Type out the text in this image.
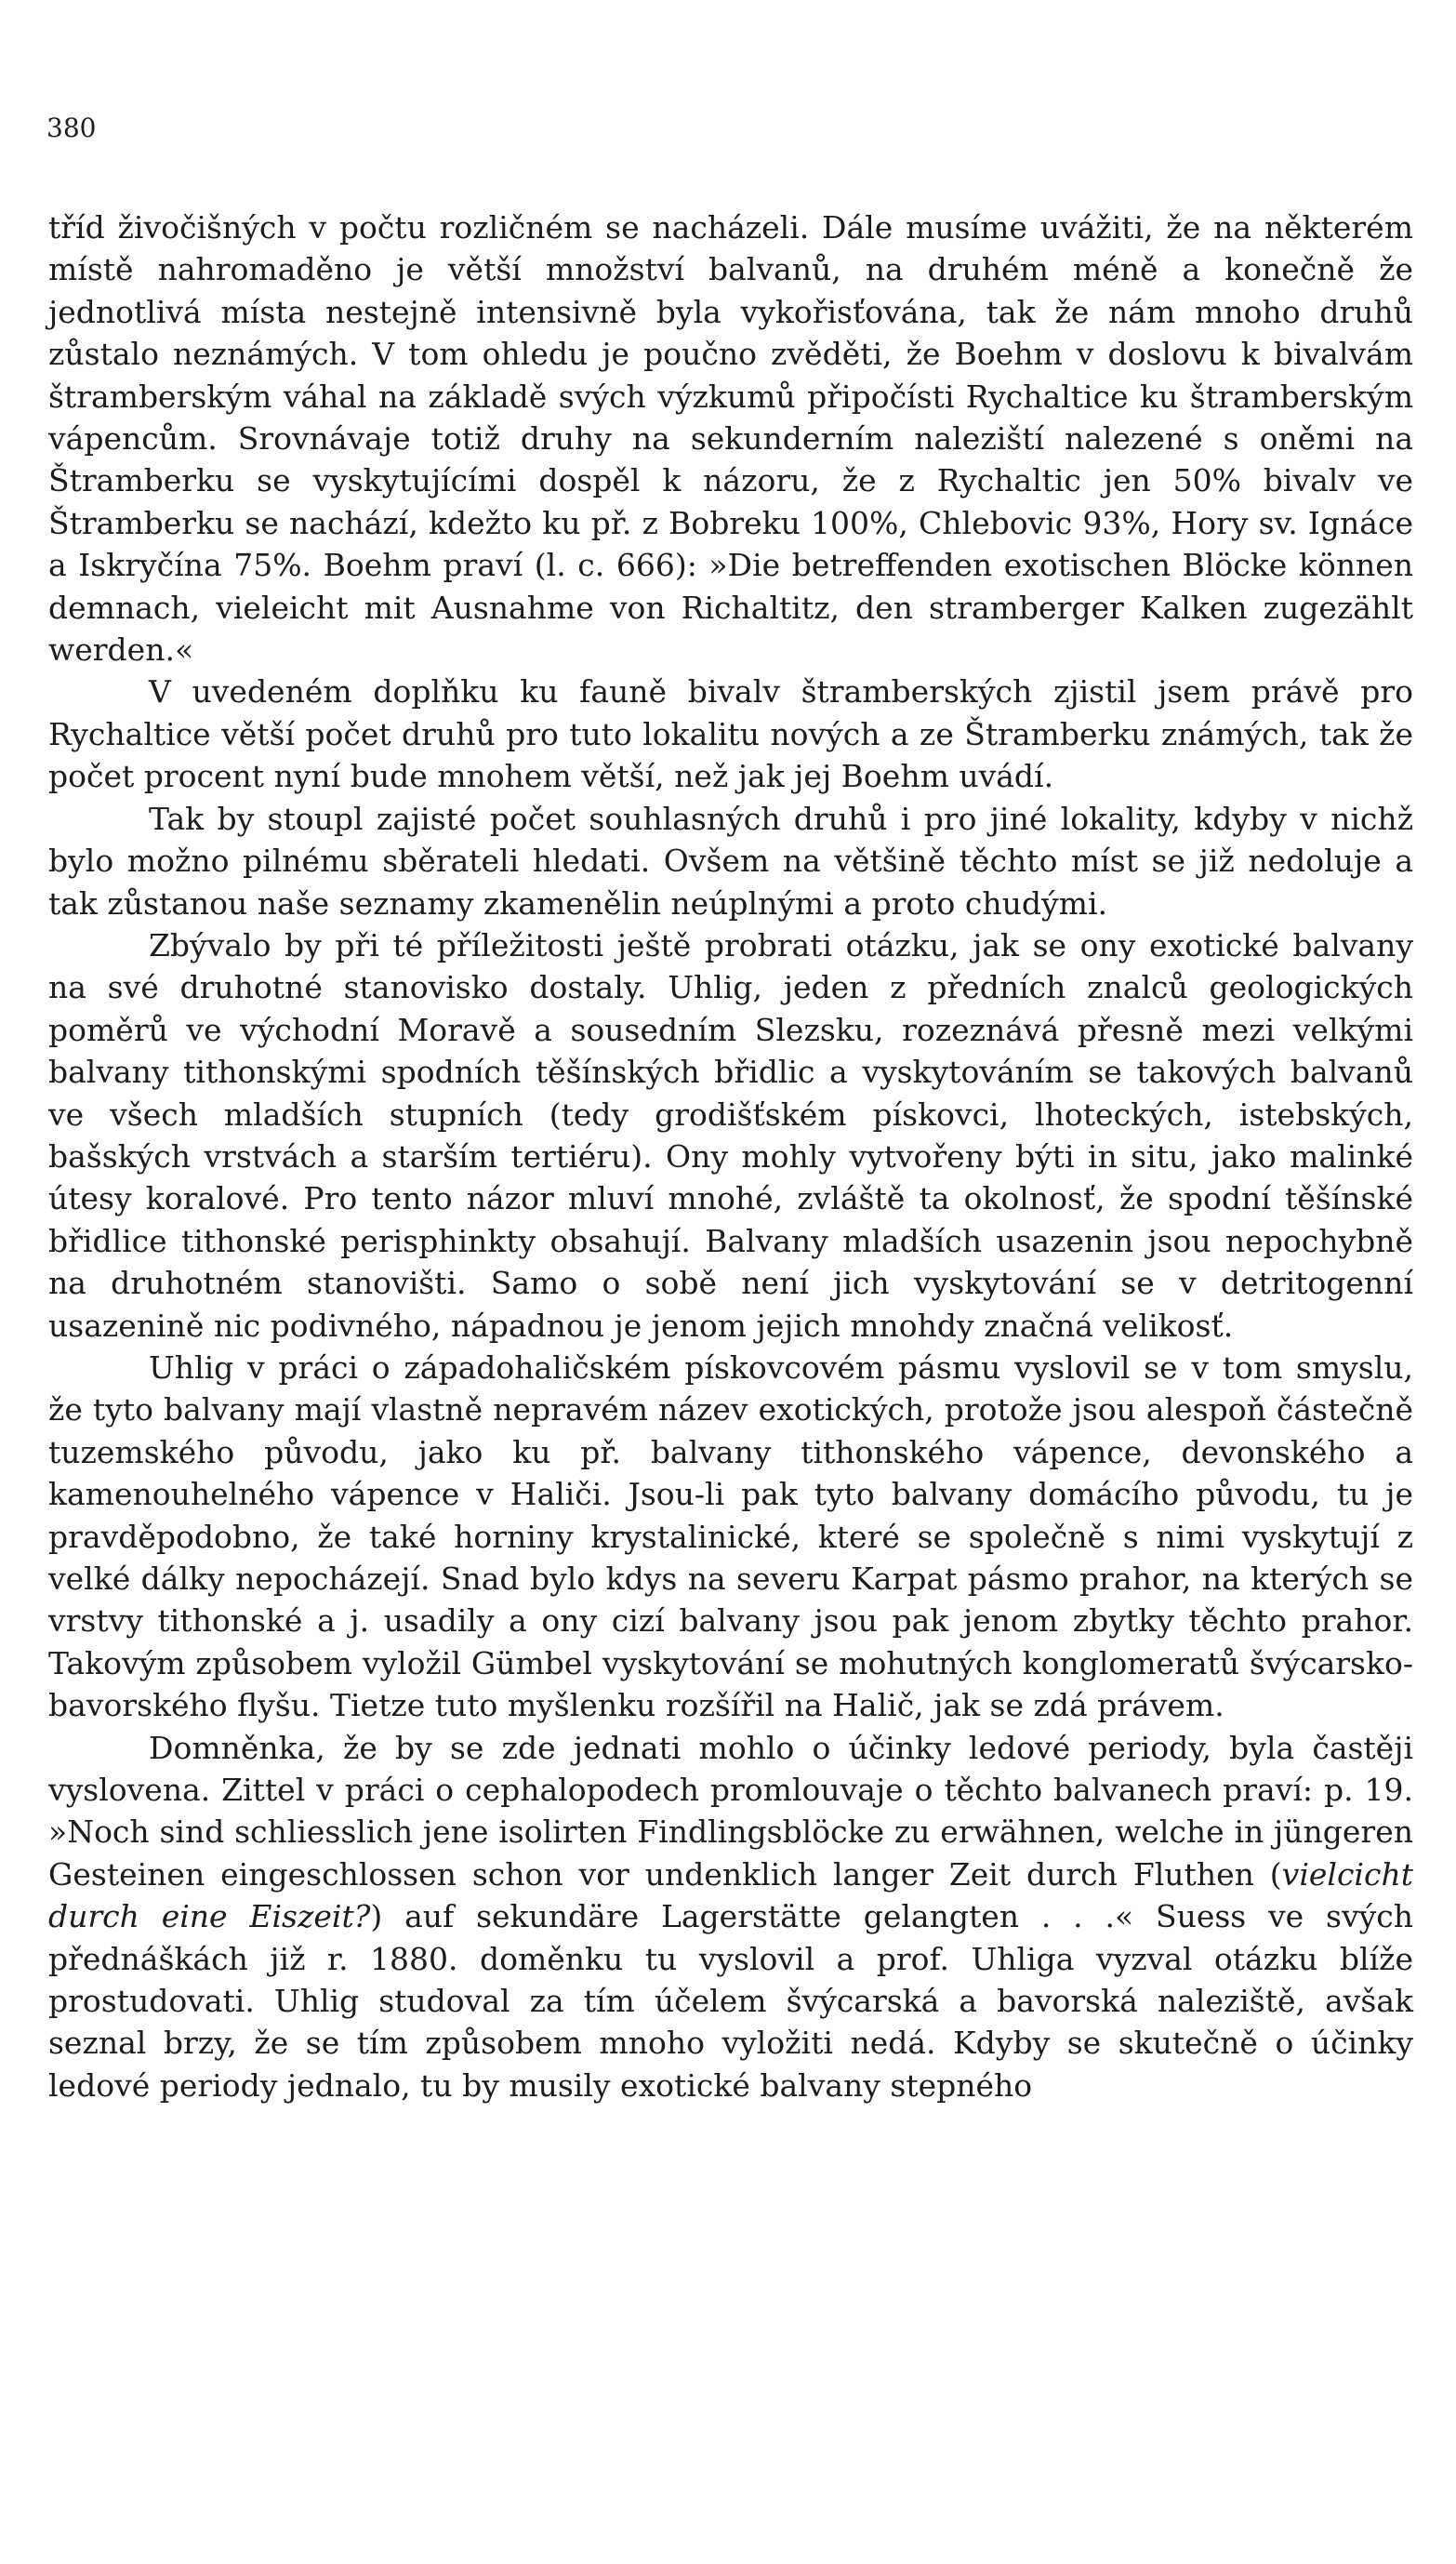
380

tříd živočišných v počtu rozličném se nacházeli. Dále musíme uvážiti, že na některém místě nahromaděno je větší množství balvanů, na druhém méně a konečně že jednotlivá místa nestejně intensivně byla vykořisťována, tak že nám mnoho druhů zůstalo neznámých. V tom ohledu je poučno zvěděti, že Boehm v doslovu k bivalvám štramberským váhal na základě svých výzkumů připočísti Rychaltice ku štramberským vápencům. Srovnávaje totiž druhy na sekunderním naleziští nalezené s oněmi na Štramberku se vyskytujícími dospěl k názoru, že z Rychaltic jen 50% bivalv ve Štramberku se nachází, kdežto ku př. z Bobreku 100%, Chlebovic 93%, Hory sv. Ignáce a Iskryčína 75%. Boehm praví (l. c. 666): »Die betreffenden exotischen Blöcke können demnach, vieleicht mit Ausnahme von Richaltitz, den stramberger Kalken zugezählt werden.«

V uvedeném doplňku ku fauně bivalv štramberských zjistil jsem právě pro Rychaltice větší počet druhů pro tuto lokalitu nových a ze Štramberku známých, tak že počet procent nyní bude mnohem větší, než jak jej Boehm uvádí.

Tak by stoupl zajisté počet souhlasných druhů i pro jiné lokality, kdyby v nichž bylo možno pilnému sběrateli hledati. Ovšem na většině těchto míst se již nedoluje a tak zůstanou naše seznamy zkamenělin neúplnými a proto chudými.

Zbývalo by při té příležitosti ještě probrati otázku, jak se ony exotické balvany na své druhotné stanovisko dostaly. Uhlig, jeden z předních znalců geologických poměrů ve východní Moravě a sousedním Slezsku, rozeznává přesně mezi velkými balvany tithonskými spodních těšínských břidlic a vyskytováním se takových balvanů ve všech mladších stupních (tedy grodišťském pískovci, lhoteckých, istebských, bašských vrstvách a starším tertiéru). Ony mohly vytvořeny býti in situ, jako malinké útesy koralové. Pro tento názor mluví mnohé, zvláště ta okolnosť, že spodní těšínské břidlice tithonské perisphinkty obsahují. Balvany mladších usazenin jsou nepochybně na druhotném stanovišti. Samo o sobě není jich vyskytování se v detritogenní usazenině nic podivného, nápadnou je jenom jejich mnohdy značná velikosť.

Uhlig v práci o západohaličském pískovcovém pásmu vyslovil se v tom smyslu, že tyto balvany mají vlastně nepravém název exotických, protože jsou alespoň částečně tuzemského původu, jako ku př. balvany tithonského vápence, devonského a kamenouhelného vápence v Haliči. Jsou-li pak tyto balvany domácího původu, tu je pravděpodobno, že také horniny krystalinické, které se společně s nimi vyskytují z velké dálky nepocházejí. Snad bylo kdys na severu Karpat pásmo prahor, na kterých se vrstvy tithonské a j. usadily a ony cizí balvany jsou pak jenom zbytky těchto prahor. Takovým způsobem vyložil Gümbel vyskytování se mohutných konglomeratů švýcarsko-bavorského flyšu. Tietze tuto myšlenku rozšířil na Halič, jak se zdá právem.

Domněnka, že by se zde jednati mohlo o účinky ledové periody, byla častěji vyslovena. Zittel v práci o cephalopodech promlouvaje o těchto balvanech praví: p. 19. »Noch sind schliesslich jene isolirten Findlingsblöcke zu erwähnen, welche in jüngeren Gesteinen eingeschlossen schon vor undenklich langer Zeit durch Fluthen (vielcicht durch eine Eiszeit?) auf sekundäre Lagerstätte gelangten . . .« Suess ve svých přednáškách již r. 1880. doměnku tu vyslovil a prof. Uhliga vyzval otázku blíže prostudovati. Uhlig studoval za tím účelem švýcarská a bavorská naleziště, avšak seznal brzy, že se tím způsobem mnoho vyložiti nedá. Kdyby se skutečně o účinky ledové periody jednalo, tu by musily exotické balvany stepného
